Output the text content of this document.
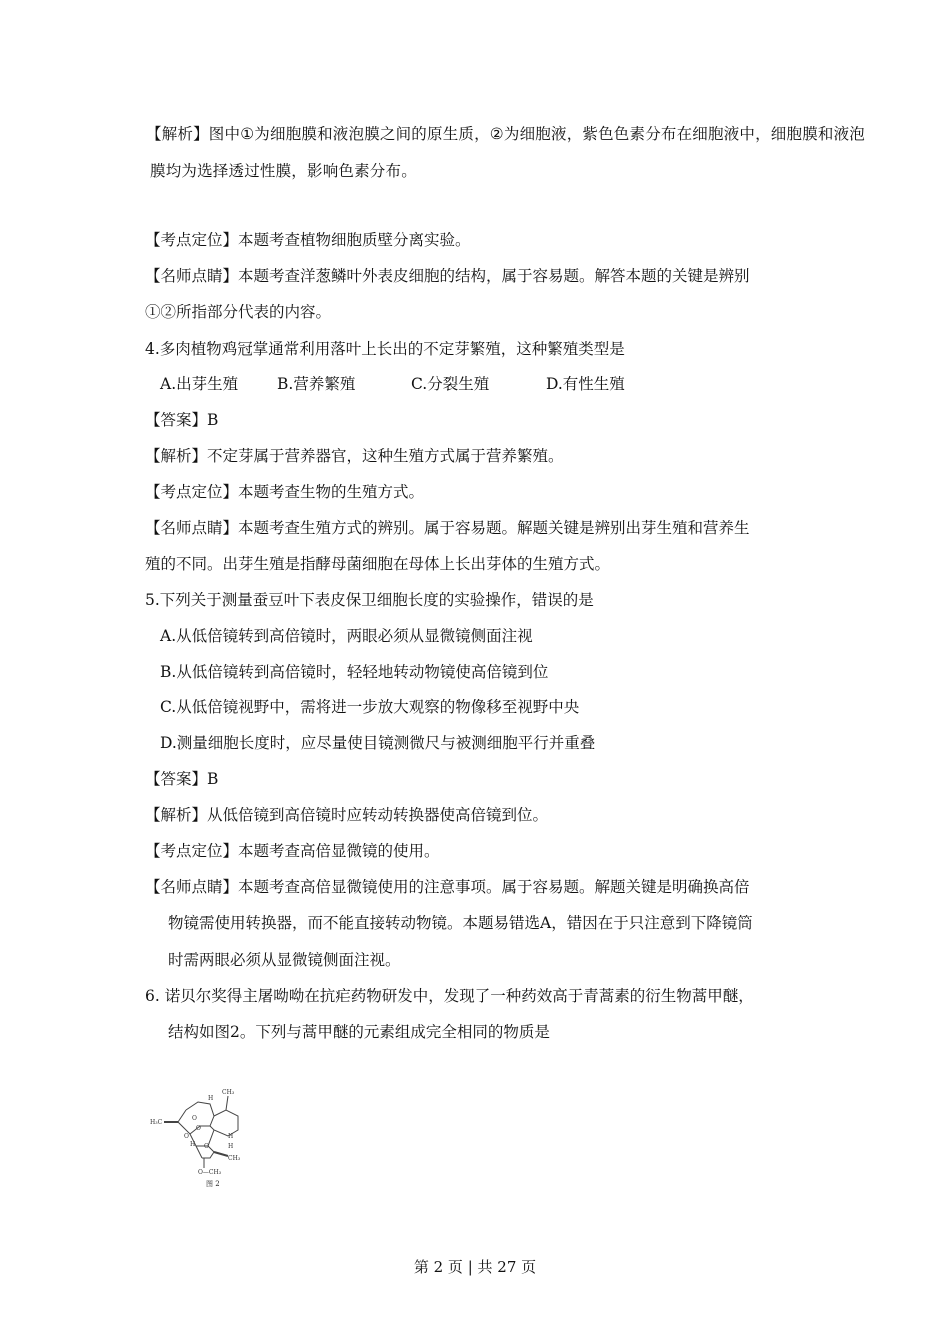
【解析】图中①为细胞膜和液泡膜之间的原生质，②为细胞液，紫色色素分布在细胞液中，细胞膜和液泡
膜均为选择透过性膜，影响色素分布。
【考点定位】本题考查植物细胞质壁分离实验。
【名师点睛】本题考查洋葱鳞叶外表皮细胞的结构，属于容易题。解答本题的关键是辨别
①②所指部分代表的内容。
4.多肉植物鸡冠掌通常利用落叶上长出的不定芽繁殖，这种繁殖类型是
A.出芽生殖	B.营养繁殖	C.分裂生殖	D.有性生殖
【答案】B
【解析】不定芽属于营养器官，这种生殖方式属于营养繁殖。
【考点定位】本题考查生物的生殖方式。
【名师点睛】本题考查生殖方式的辨别。属于容易题。解题关键是辨别出芽生殖和营养生
殖的不同。出芽生殖是指酵母菌细胞在母体上长出芽体的生殖方式。
5.下列关于测量蚕豆叶下表皮保卫细胞长度的实验操作，错误的是
A.从低倍镜转到高倍镜时，两眼必须从显微镜侧面注视
B.从低倍镜转到高倍镜时，轻轻地转动物镜使高倍镜到位
C.从低倍镜视野中，需将进一步放大观察的物像移至视野中央
D.测量细胞长度时，应尽量使目镜测微尺与被测细胞平行并重叠
【答案】B
【解析】从低倍镜到高倍镜时应转动转换器使高倍镜到位。
【考点定位】本题考查高倍显微镜的使用。
【名师点睛】本题考查高倍显微镜使用的注意事项。属于容易题。解题关键是明确换高倍
物镜需使用转换器，而不能直接转动物镜。本题易错选A，错因在于只注意到下降镜筒
时需两眼必须从显微镜侧面注视。
6. 诺贝尔奖得主屠呦呦在抗疟药物研发中，发现了一种药效高于青蒿素的衍生物蒿甲醚，
结构如图2。下列与蒿甲醚的元素组成完全相同的物质是
CH₃
H₃C
O
O
O
O
H
H
H
H
CH₃
O—CH₃
图 2
第 2 页 | 共 27 页
